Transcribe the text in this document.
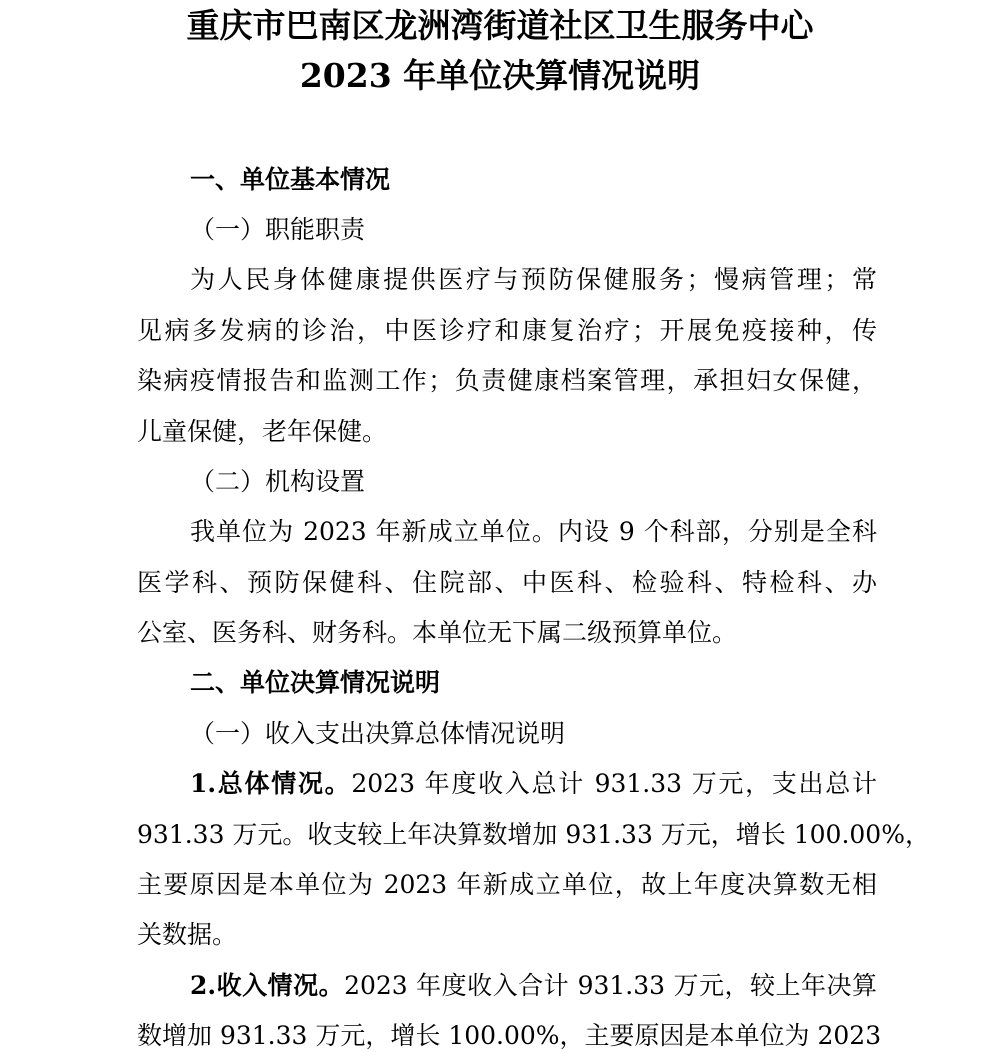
重庆市巴南区龙洲湾街道社区卫生服务中心
2023 年单位决算情况说明
一、单位基本情况
（一）职能职责
为人民身体健康提供医疗与预防保健服务；慢病管理；常
见病多发病的诊治，中医诊疗和康复治疗；开展免疫接种，传
染病疫情报告和监测工作；负责健康档案管理，承担妇女保健，
儿童保健，老年保健。
（二）机构设置
我单位为 2023 年新成立单位。内设 9 个科部，分别是全科
医学科、预防保健科、住院部、中医科、检验科、特检科、办
公室、医务科、财务科。本单位无下属二级预算单位。
二、单位决算情况说明
（一）收入支出决算总体情况说明
1.总体情况。2023 年度收入总计 931.33 万元，支出总计
931.33 万元。收支较上年决算数增加 931.33 万元，增长 100.00%，
主要原因是本单位为 2023 年新成立单位，故上年度决算数无相
关数据。
2.收入情况。2023 年度收入合计 931.33 万元，较上年决算
数增加 931.33 万元，增长 100.00%，主要原因是本单位为 2023
